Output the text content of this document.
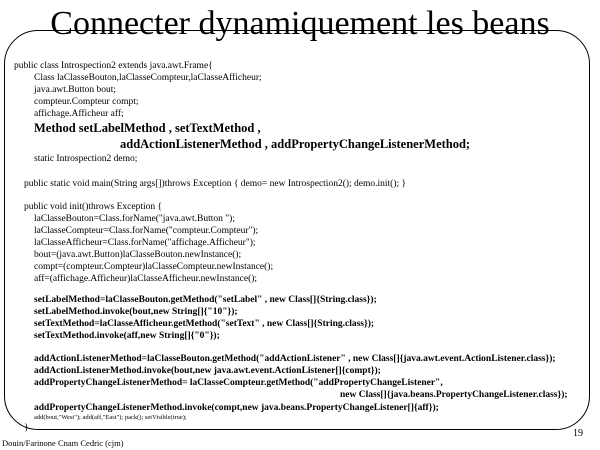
Connecter dynamiquement les beans
public class Introspection2 extends java.awt.Frame{
Class laClasseBouton,laClasseCompteur,laClasseAfficheur;
java.awt.Button bout;
compteur.Compteur compt;
affichage.Afficheur aff;
Method setLabelMethod , setTextMethod ,
addActionListenerMethod , addPropertyChangeListenerMethod;
static Introspection2 demo;
public static void main(String args[])throws Exception { demo= new Introspection2(); demo.init(); }
public void init()throws Exception {
laClasseBouton=Class.forName("java.awt.Button ");
laClasseCompteur=Class.forName("compteur.Compteur");
laClasseAfficheur=Class.forName("affichage.Afficheur");
bout=(java.awt.Button)laClasseBouton.newInstance();
compt=(compteur.Compteur)laClasseCompteur.newInstance();
aff=(affichage.Afficheur)laClasseAfficheur.newInstance();
setLabelMethod=laClasseBouton.getMethod("setLabel" , new Class[]{String.class});
setLabelMethod.invoke(bout,new String[]{"10"});
setTextMethod=laClasseAfficheur.getMethod("setText" , new Class[]{String.class});
setTextMethod.invoke(aff,new String[]{"0"});
addActionListenerMethod=laClasseBouton.getMethod("addActionListener" , new Class[]{java.awt.event.ActionListener.class});
addActionListenerMethod.invoke(bout,new java.awt.event.ActionListener[]{compt});
addPropertyChangeListenerMethod= laClasseCompteur.getMethod("addPropertyChangeListener",
new Class[]{java.beans.PropertyChangeListener.class});
addPropertyChangeListenerMethod.invoke(compt,new java.beans.PropertyChangeListener[]{aff});
add(bout,"West"); add(aff,"East"); pack(); setVisible(true);
}	19
Douin/Farinone Cnam Cedric (cjm)
